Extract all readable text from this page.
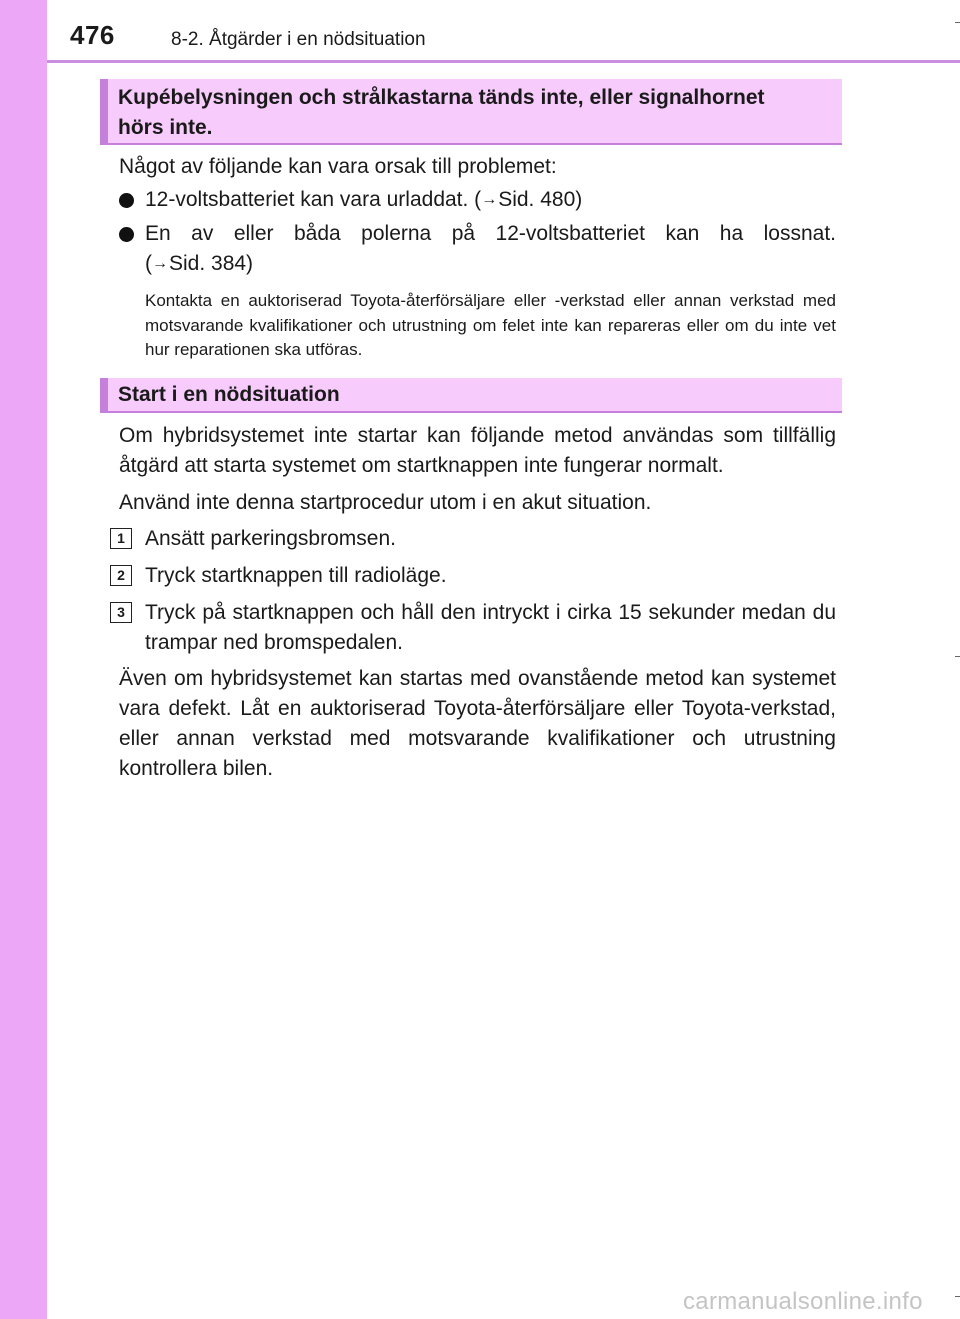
476	8-2. Åtgärder i en nödsituation
Kupébelysningen och strålkastarna tänds inte, eller signalhornet
hörs inte.

Något av följande kan vara orsak till problemet:

12-voltsbatteriet kan vara urladdat. (→Sid. 480)
En av eller båda polerna på 12-voltsbatteriet kan ha lossnat.
(→Sid. 384)

Kontakta en auktoriserad Toyota-återförsäljare eller -verkstad eller annan verkstad med motsvarande kvalifikationer och utrustning om felet inte kan repareras eller om du inte vet hur reparationen ska utföras.

Start i en nödsituation

Om hybridsystemet inte startar kan följande metod användas som tillfällig åtgärd att starta systemet om startknappen inte fungerar normalt.

Använd inte denna startprocedur utom i en akut situation.

1 Ansätt parkeringsbromsen.
2 Tryck startknappen till radioläge.
3 Tryck på startknappen och håll den intryckt i cirka 15 sekunder medan du trampar ned bromspedalen.

Även om hybridsystemet kan startas med ovanstående metod kan systemet vara defekt. Låt en auktoriserad Toyota-återförsäljare eller Toyota-verkstad, eller annan verkstad med motsvarande kvalifikationer och utrustning kontrollera bilen.

carmanualsonline.info
